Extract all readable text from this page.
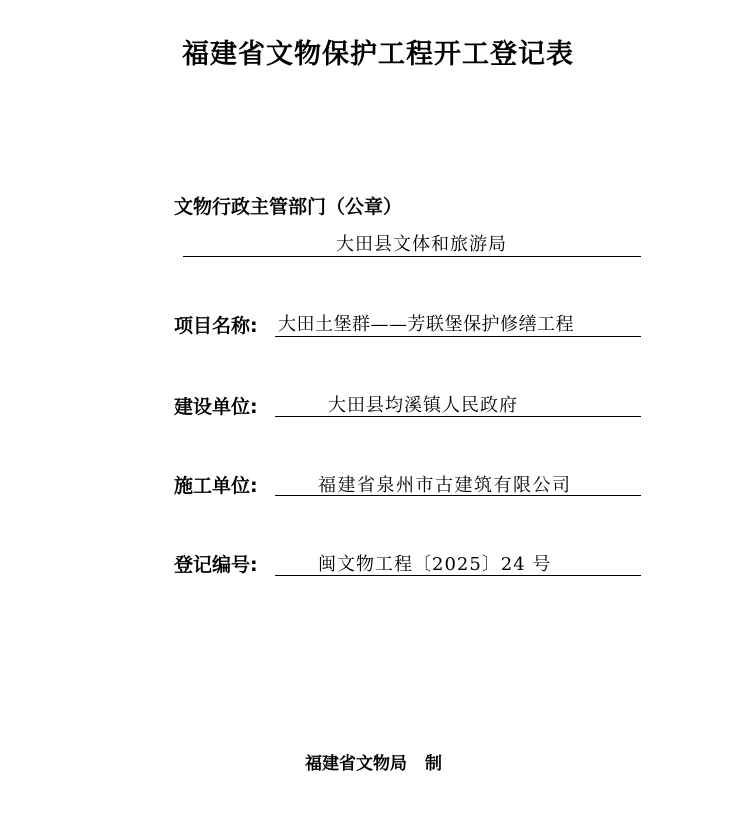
福建省文物保护工程开工登记表
文物行政主管部门（公章）
大田县文体和旅游局
项目名称: 大田土堡群——芳联堡保护修缮工程
建设单位:	大田县均溪镇人民政府
施工单位:	福建省泉州市古建筑有限公司
登记编号:	闽文物工程〔2025〕24 号
福建省文物局 制
